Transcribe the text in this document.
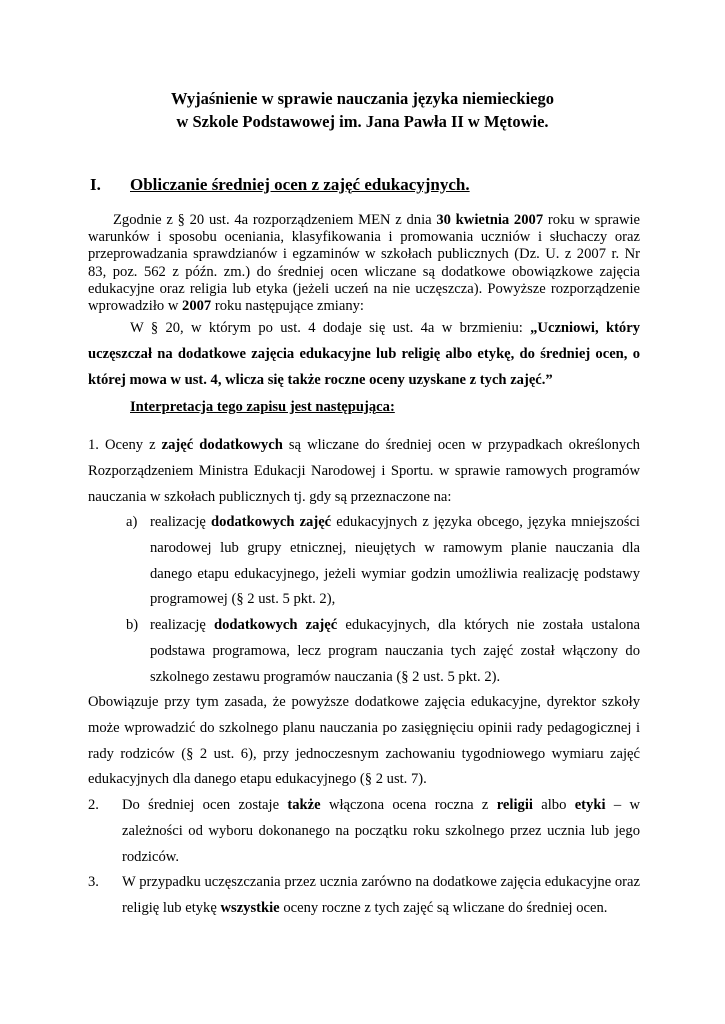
Wyjaśnienie w sprawie nauczania języka niemieckiego
w Szkole Podstawowej im. Jana Pawła II w Mętowie.
I. Obliczanie średniej ocen z zajęć edukacyjnych.
Zgodnie z § 20 ust. 4a rozporządzeniem MEN z dnia 30 kwietnia 2007 roku w sprawie warunków i sposobu oceniania, klasyfikowania i promowania uczniów i słuchaczy oraz przeprowadzania sprawdzianów i egzaminów w szkołach publicznych (Dz. U. z 2007 r. Nr 83, poz. 562 z późn. zm.) do średniej ocen wliczane są dodatkowe obowiązkowe zajęcia edukacyjne oraz religia lub etyka (jeżeli uczeń na nie uczęszcza). Powyższe rozporządzenie wprowadziło w 2007 roku następujące zmiany:
W § 20, w którym po ust. 4 dodaje się ust. 4a w brzmieniu: „Uczniowi, który uczęszczał na dodatkowe zajęcia edukacyjne lub religię albo etykę, do średniej ocen, o której mowa w ust. 4, wlicza się także roczne oceny uzyskane z tych zajęć.”
Interpretacja tego zapisu jest następująca:
1. Oceny z zajęć dodatkowych są wliczane do średniej ocen w przypadkach określonych Rozporządzeniem Ministra Edukacji Narodowej i Sportu. w sprawie ramowych programów nauczania w szkołach publicznych tj. gdy są przeznaczone na:
a) realizację dodatkowych zajęć edukacyjnych z języka obcego, języka mniejszości narodowej lub grupy etnicznej, nieujętych w ramowym planie nauczania dla danego etapu edukacyjnego, jeżeli wymiar godzin umożliwia realizację podstawy programowej (§ 2 ust. 5 pkt. 2),
b) realizację dodatkowych zajęć edukacyjnych, dla których nie została ustalona podstawa programowa, lecz program nauczania tych zajęć został włączony do szkolnego zestawu programów nauczania (§ 2 ust. 5 pkt. 2).
Obowiązuje przy tym zasada, że powyższe dodatkowe zajęcia edukacyjne, dyrektor szkoły może wprowadzić do szkolnego planu nauczania po zasięgnięciu opinii rady pedagogicznej i rady rodziców (§ 2 ust. 6), przy jednoczesnym zachowaniu tygodniowego wymiaru zajęć edukacyjnych dla danego etapu edukacyjnego (§ 2 ust. 7).
2. Do średniej ocen zostaje także włączona ocena roczna z religii albo etyki – w zależności od wyboru dokonanego na początku roku szkolnego przez ucznia lub jego rodziców.
3. W przypadku uczęszczania przez ucznia zarówno na dodatkowe zajęcia edukacyjne oraz religię lub etykę wszystkie oceny roczne z tych zajęć są wliczane do średniej ocen.
